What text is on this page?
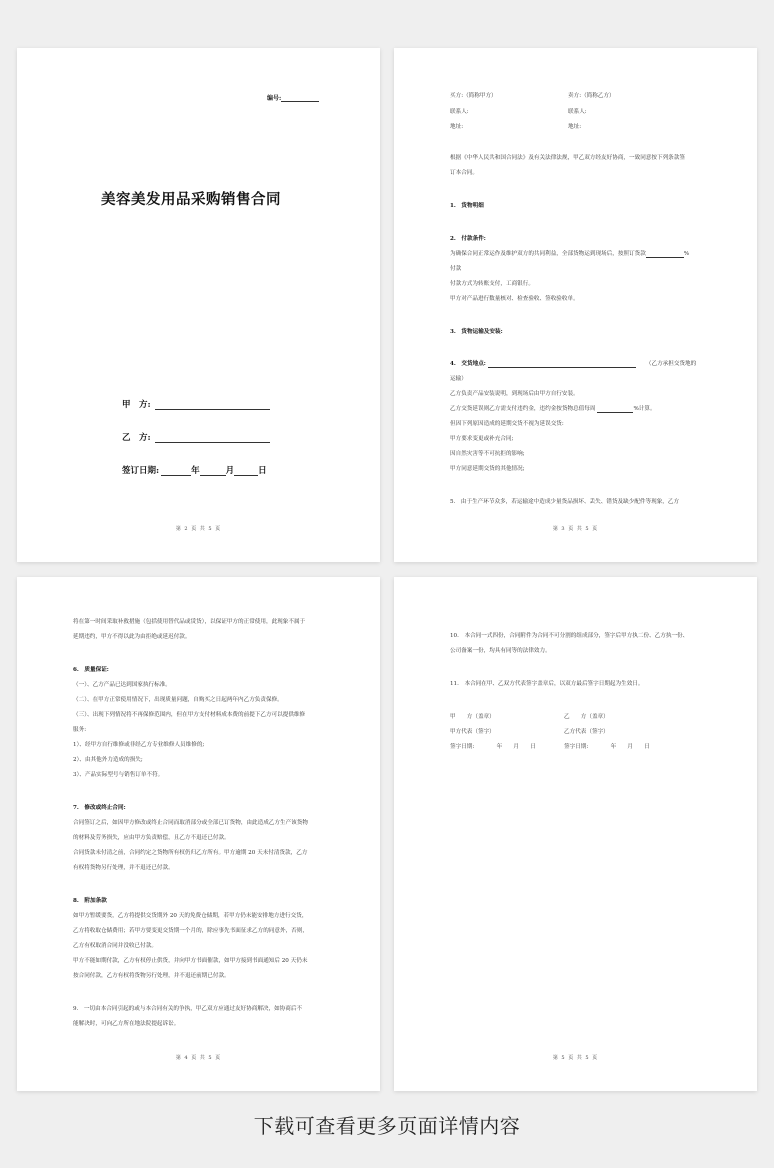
编号:
美容美发用品采购销售合同
甲　方:
乙　方:
签订日期:	年	月	日
第 2 页 共 5 页
买方:（简称甲方）	卖方:（简称乙方）
联系人:	联系人:
地址:	地址:
根据《中华人民共和国合同法》及有关法律法规，甲乙双方经友好协商，一致同意按下列条款签
订本合同。
1.　货物明细
2.　付款条件:
为确保合同正常运作及维护双方的共同利益，全部货物运到现场后，按照订货款	%
付款
付款方式为转账支付，工商银行。
甲方对产品进行数量核对、检查验收、签收验收单。
3.　货物运输及安装:
4.　交货地点:	（乙方承担交货地的
运输）
乙方负责产品安装说明，到现场后由甲方自行安装。
乙方交货延误则乙方需支付违约金，违约金按货物总值每周	%计算。
但因下列原因造成的延期交货不视为延误交货:
甲方要求变更或补充合同;
因自然灾害等不可抗拒的影响;
甲方同意延期交货的其他情况;
5.　由于生产环节众多，若运输途中造成少量货品损坏、丢失、错货及缺少配件等现象，乙方
第 3 页 共 5 页
将在第一时间采取补救措施（包括使用替代品或赁货），以保证甲方的正常使用，此现象不属于
延期违约，甲方不得以此为由拒绝或延迟付款。
6.　质量保证:
（一）、乙方产品已达到国家执行标准。
（二）、在甲方正常使用情况下，出现质量问题，自购买之日起两年内乙方负责保修。
（三）、出现下列情况将不再保修范围内，但在甲方支付材料成本费的前提下乙方可以提供维修
服务:
1）、经甲方自行维修或非经乙方专业维修人员维修的;
2）、由其他外力造成的损失;
3）、产品实际型号与销售订单不符。
7.　修改或终止合同:
合同签订之后，如因甲方修改或终止合同而取消部分或全部已订货物，由此造成乙方生产该货物
的材料及劳务损失，应由甲方负责赔偿，且乙方不退还已付款。
合同货款未付清之前，合同约定之货物所有权仍归乙方所有。甲方逾期 20 天未付清货款，乙方
有权将货物另行处理，并不退还已付款。
8.　附加条款
如甲方暂缓要货，乙方将提供交货期外 20 天的免费仓储期，若甲方仍未能安排地方进行交货，
乙方将收取仓储费用；若甲方要变更交货期一个月的，除应事先书面征求乙方的同意外，否则，
乙方有权取消合同并没收已付款。
甲方不能如期付款，乙方有权停止供货，并向甲方书面催款，如甲方接到书面通知后 20 天仍未
按合同付款，乙方有权将货物另行处理，并不退还前期已付款。
9.　一切由本合同引起的或与本合同有关的争执，甲乙双方应通过友好协商解决，如协商后不
能解决时，可向乙方所在地法院提起诉讼。
第 4 页 共 5 页
10.　本合同一式四份，合同附件为合同不可分割的组成部分，签字后甲方执二份、乙方执一份、
公司备案一份，均具有同等的法律效力。
11.　本合同在甲、乙双方代表签字盖章后，以双方最后签字日期起为生效日。
甲　　方（盖章）	乙　　方（盖章）
甲方代表（签字）	乙方代表（签字）
签字日期:　　　　年　　月　　日	签字日期:　　　　年　　月　　日
第 5 页 共 5 页
下载可查看更多页面详情内容
